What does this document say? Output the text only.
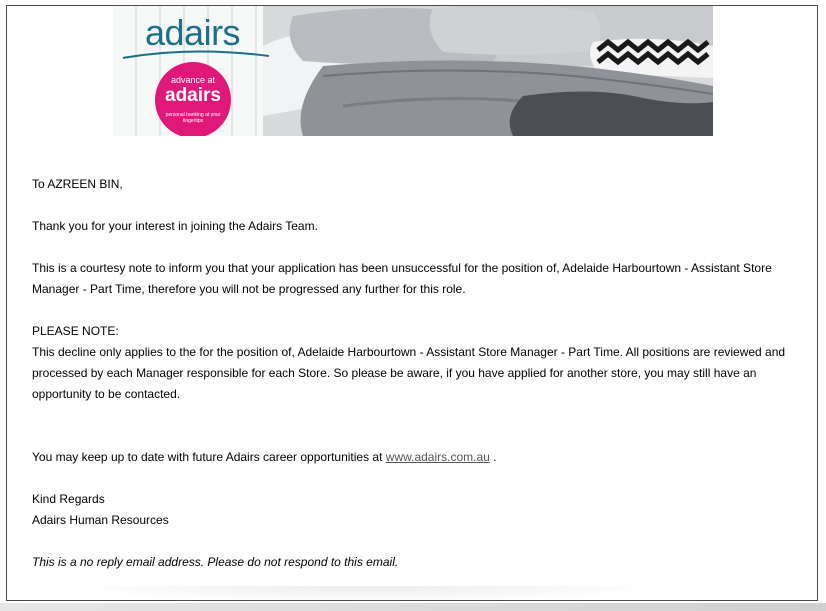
adairs
advance at
adairs
personal banking at your fingertips

To AZREEN BIN,

Thank you for your interest in joining the Adairs Team.

This is a courtesy note to inform you that your application has been unsuccessful for the position of, Adelaide Harbourtown - Assistant Store Manager - Part Time, therefore you will not be progressed any further for this role.

PLEASE NOTE:
This decline only applies to the for the position of, Adelaide Harbourtown - Assistant Store Manager - Part Time. All positions are reviewed and processed by each Manager responsible for each Store. So please be aware, if you have applied for another store, you may still have an opportunity to be contacted.

You may keep up to date with future Adairs career opportunities at www.adairs.com.au .

Kind Regards
Adairs Human Resources

This is a no reply email address. Please do not respond to this email.
